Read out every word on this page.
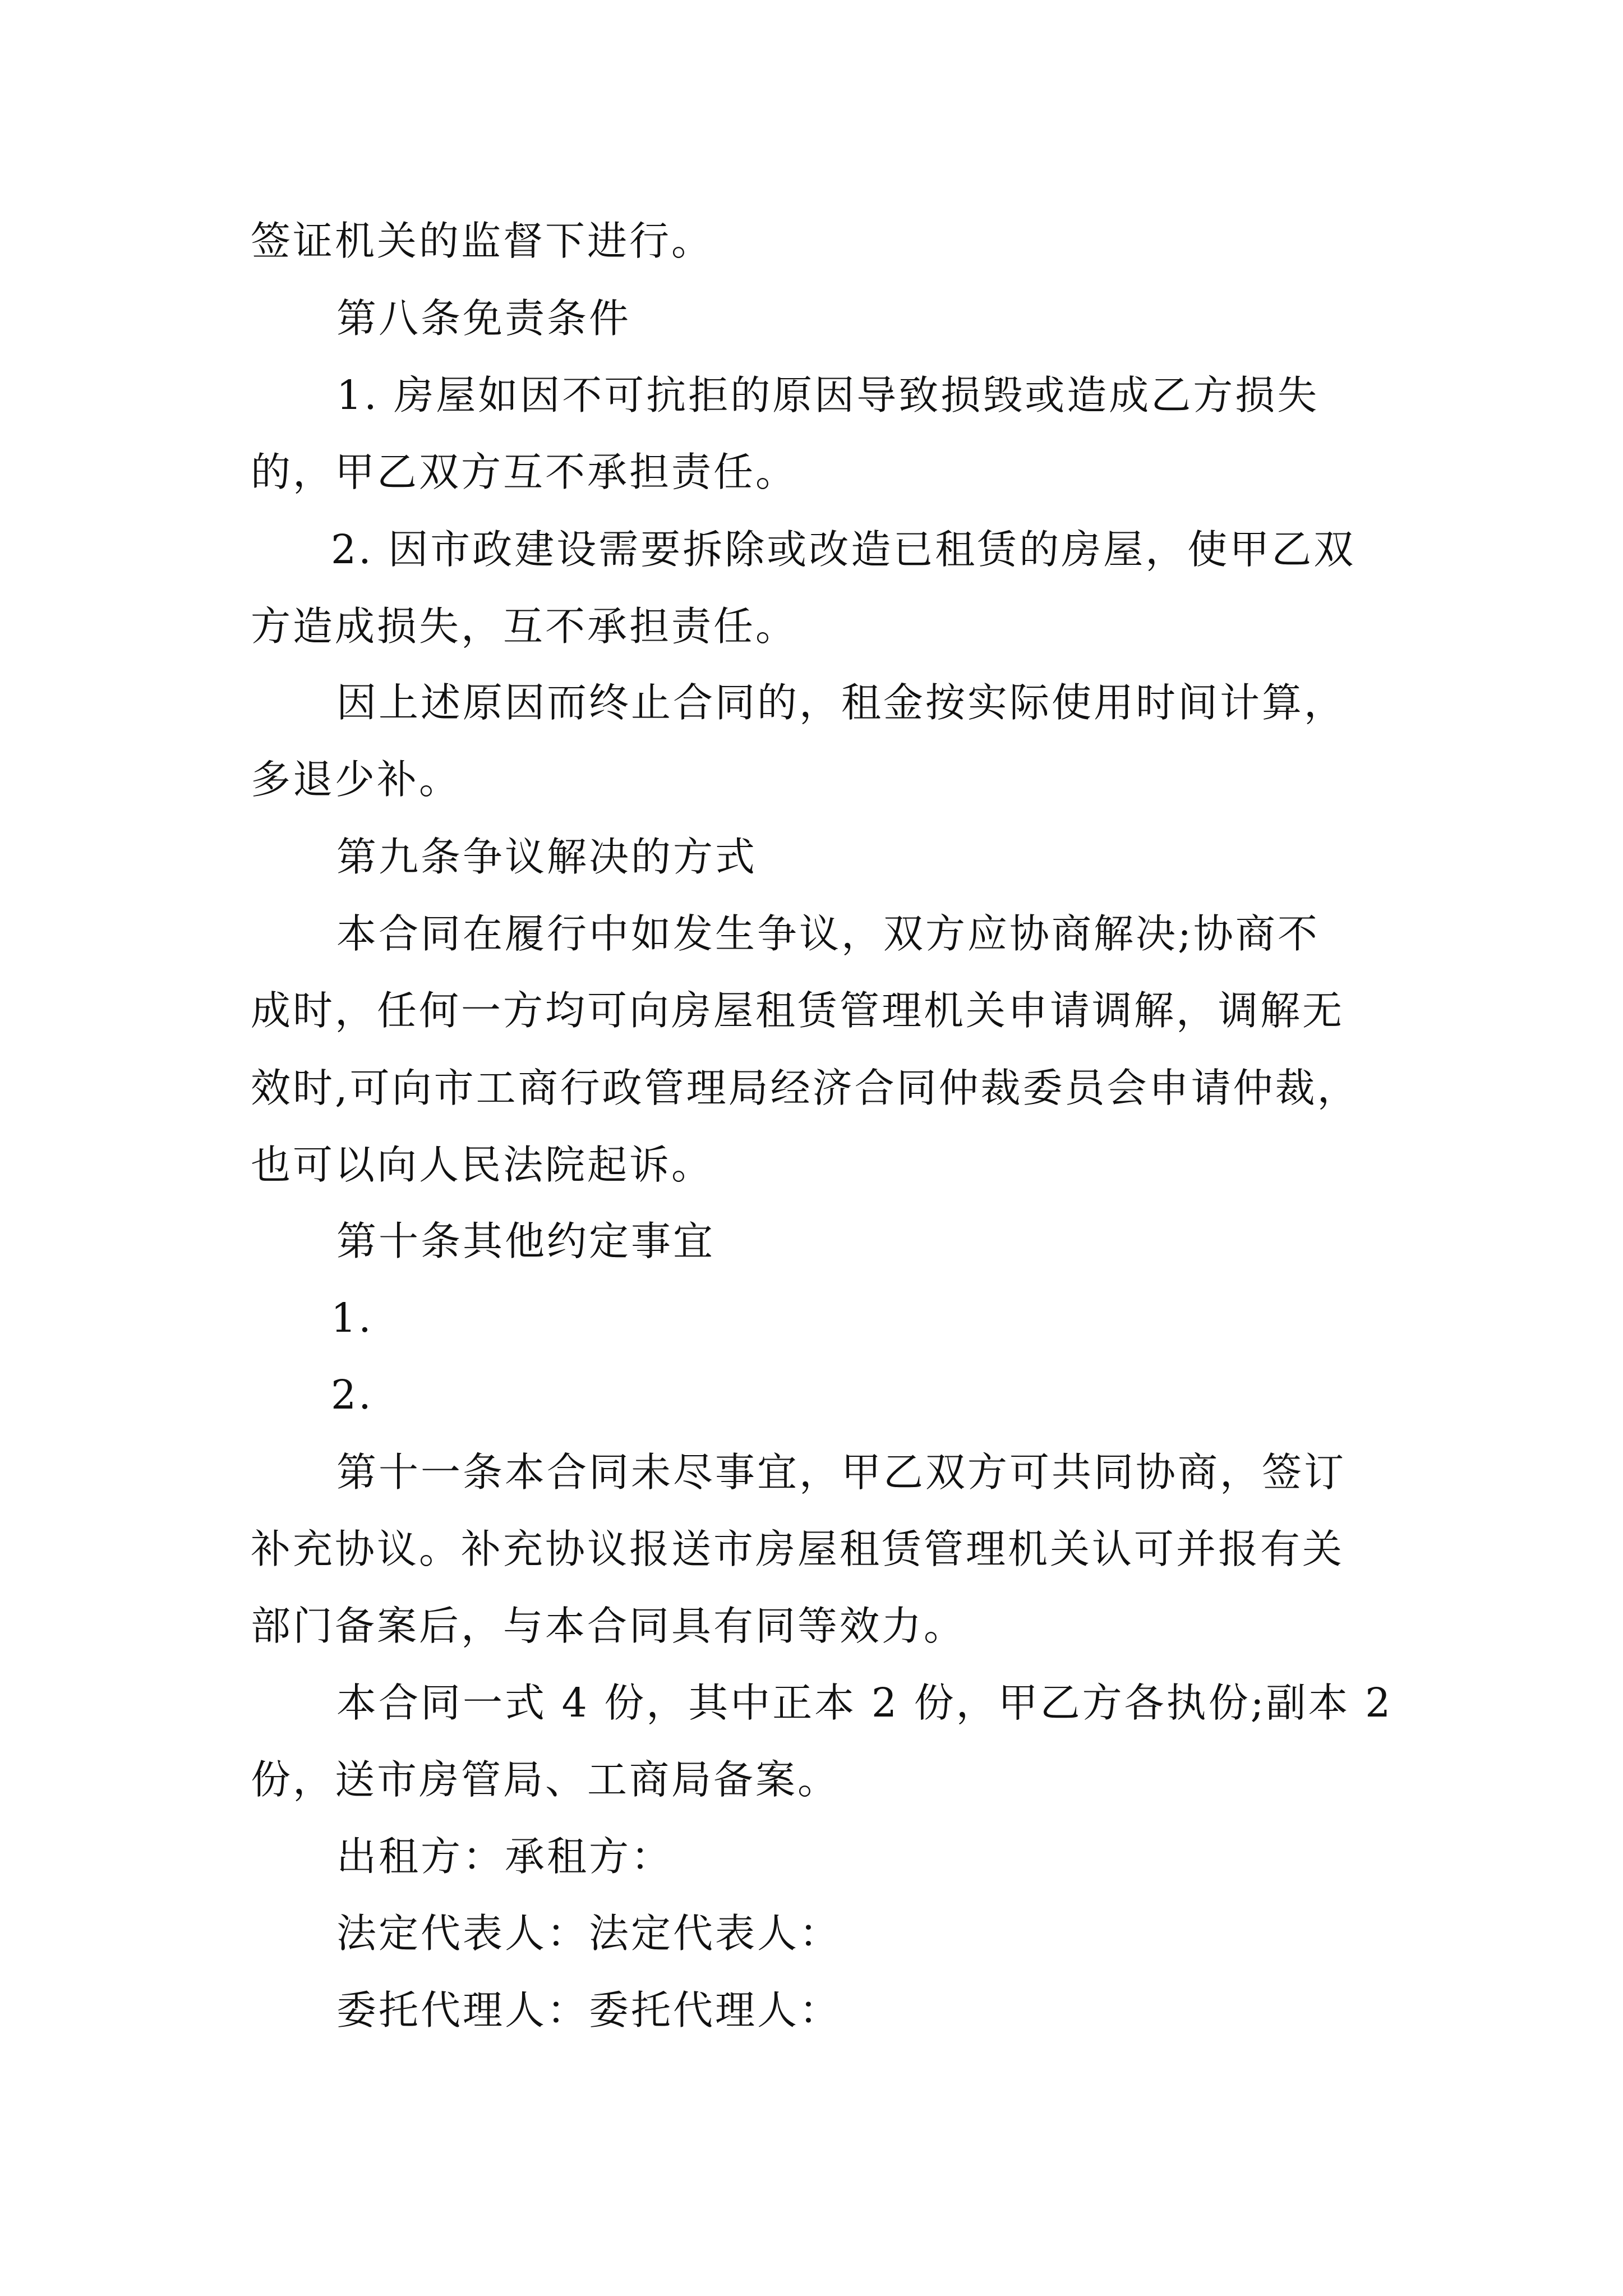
签证机关的监督下进行。
第八条免责条件
1. 房屋如因不可抗拒的原因导致损毁或造成乙方损失
的，甲乙双方互不承担责任。
2. 因市政建设需要拆除或改造已租赁的房屋，使甲乙双
方造成损失，互不承担责任。
因上述原因而终止合同的，租金按实际使用时间计算，
多退少补。
第九条争议解决的方式
本合同在履行中如发生争议，双方应协商解决;协商不
成时，任何一方均可向房屋租赁管理机关申请调解，调解无
效时,可向市工商行政管理局经济合同仲裁委员会申请仲裁，
也可以向人民法院起诉。
第十条其他约定事宜
1.
2.
第十一条本合同未尽事宜，甲乙双方可共同协商，签订
补充协议。补充协议报送市房屋租赁管理机关认可并报有关
部门备案后，与本合同具有同等效力。
本合同一式 4 份，其中正本 2 份，甲乙方各执份;副本 2
份，送市房管局、工商局备案。
出租方：承租方：
法定代表人：法定代表人：
委托代理人：委托代理人：
